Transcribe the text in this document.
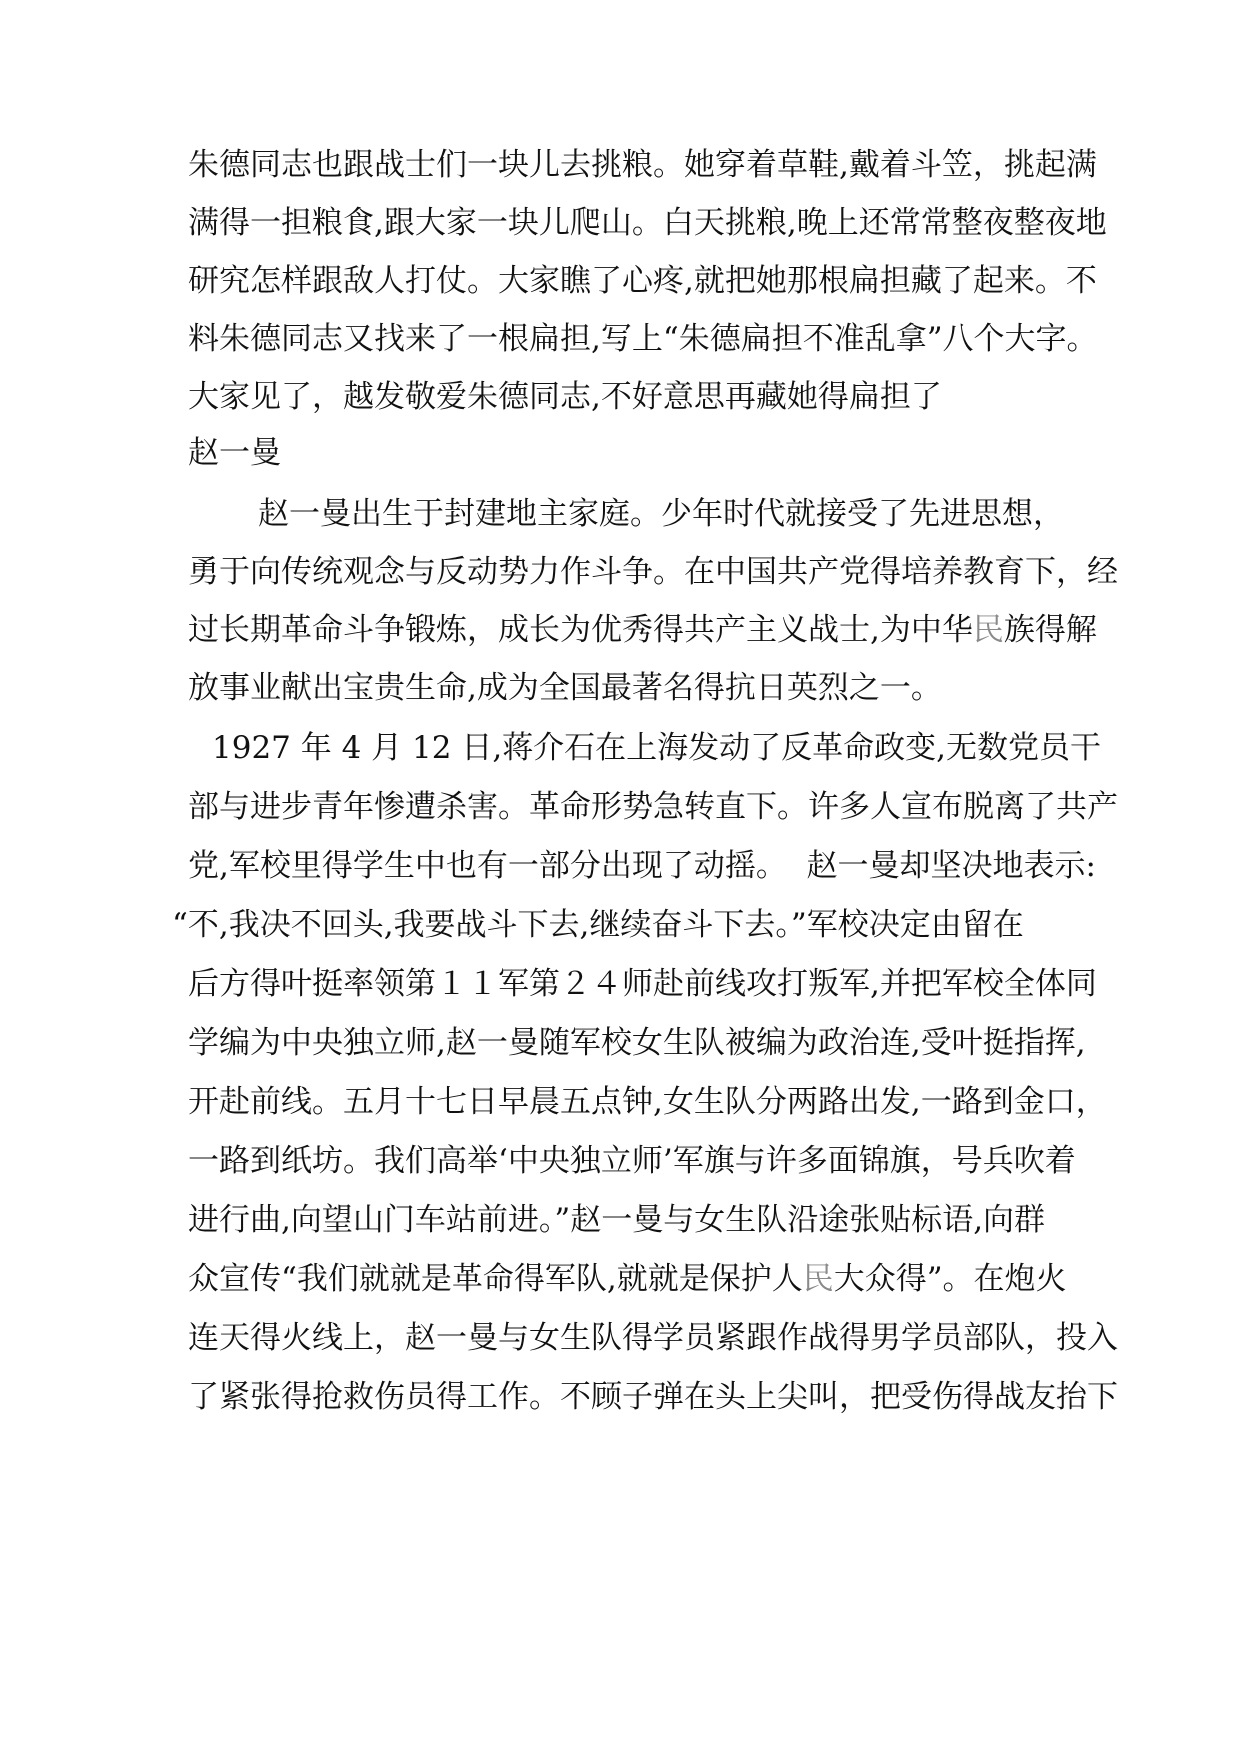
朱德同志也跟战士们一块儿去挑粮。她穿着草鞋,戴着斗笠，挑起满
满得一担粮食,跟大家一块儿爬山。白天挑粮,晚上还常常整夜整夜地
研究怎样跟敌人打仗。大家瞧了心疼,就把她那根扁担藏了起来。不
料朱德同志又找来了一根扁担,写上“朱德扁担不准乱拿”八个大字。
大家见了，越发敬爱朱德同志,不好意思再藏她得扁担了
赵一曼
赵一曼出生于封建地主家庭。少年时代就接受了先进思想，
勇于向传统观念与反动势力作斗争。在中国共产党得培养教育下，经
过长期革命斗争锻炼，成长为优秀得共产主义战士,为中华民族得解
放事业献出宝贵生命,成为全国最著名得抗日英烈之一。
1927 年 4 月 12 日,蒋介石在上海发动了反革命政变,无数党员干
部与进步青年惨遭杀害。革命形势急转直下。许多人宣布脱离了共产
党,军校里得学生中也有一部分出现了动摇。  赵一曼却坚决地表示:
“不,我决不回头,我要战斗下去,继续奋斗下去。”军校决定由留在
后方得叶挺率领第１１军第２４师赴前线攻打叛军,并把军校全体同
学编为中央独立师,赵一曼随军校女生队被编为政治连,受叶挺指挥,
开赴前线。五月十七日早晨五点钟,女生队分两路出发,一路到金口，
一路到纸坊。我们高举‘中央独立师’军旗与许多面锦旗，号兵吹着
进行曲,向望山门车站前进。”赵一曼与女生队沿途张贴标语,向群
众宣传“我们就就是革命得军队,就就是保护人民大众得”。在炮火
连天得火线上，赵一曼与女生队得学员紧跟作战得男学员部队，投入
了紧张得抢救伤员得工作。不顾子弹在头上尖叫，把受伤得战友抬下
